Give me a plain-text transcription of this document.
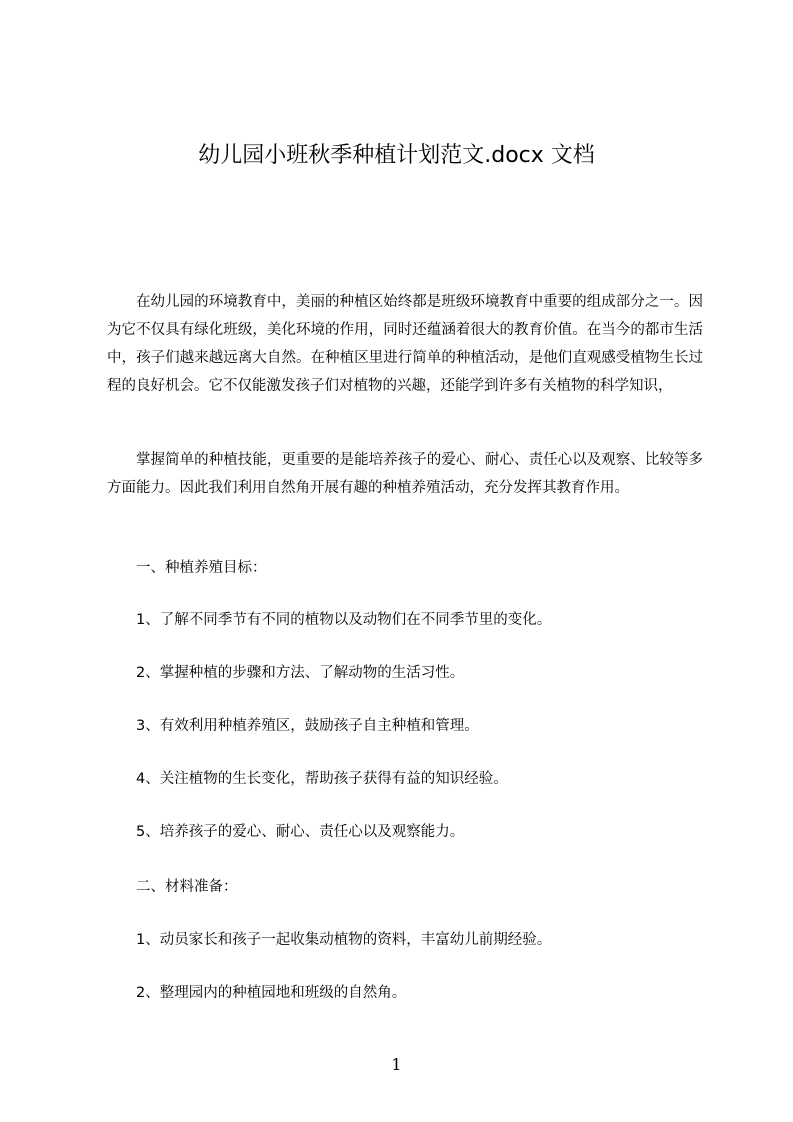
幼儿园小班秋季种植计划范文.docx 文档

在幼儿园的环境教育中，美丽的种植区始终都是班级环境教育中重要的组成部分之一。因为它不仅具有绿化班级，美化环境的作用，同时还蕴涵着很大的教育价值。在当今的都市生活中，孩子们越来越远离大自然。在种植区里进行简单的种植活动，是他们直观感受植物生长过程的良好机会。它不仅能激发孩子们对植物的兴趣，还能学到许多有关植物的科学知识，

掌握简单的种植技能，更重要的是能培养孩子的爱心、耐心、责任心以及观察、比较等多方面能力。因此我们利用自然角开展有趣的种植养殖活动，充分发挥其教育作用。

一、种植养殖目标：

1、了解不同季节有不同的植物以及动物们在不同季节里的变化。

2、掌握种植的步骤和方法、了解动物的生活习性。

3、有效利用种植养殖区，鼓励孩子自主种植和管理。

4、关注植物的生长变化，帮助孩子获得有益的知识经验。

5、培养孩子的爱心、耐心、责任心以及观察能力。

二、材料准备：

1、动员家长和孩子一起收集动植物的资料，丰富幼儿前期经验。

2、整理园内的种植园地和班级的自然角。

1
